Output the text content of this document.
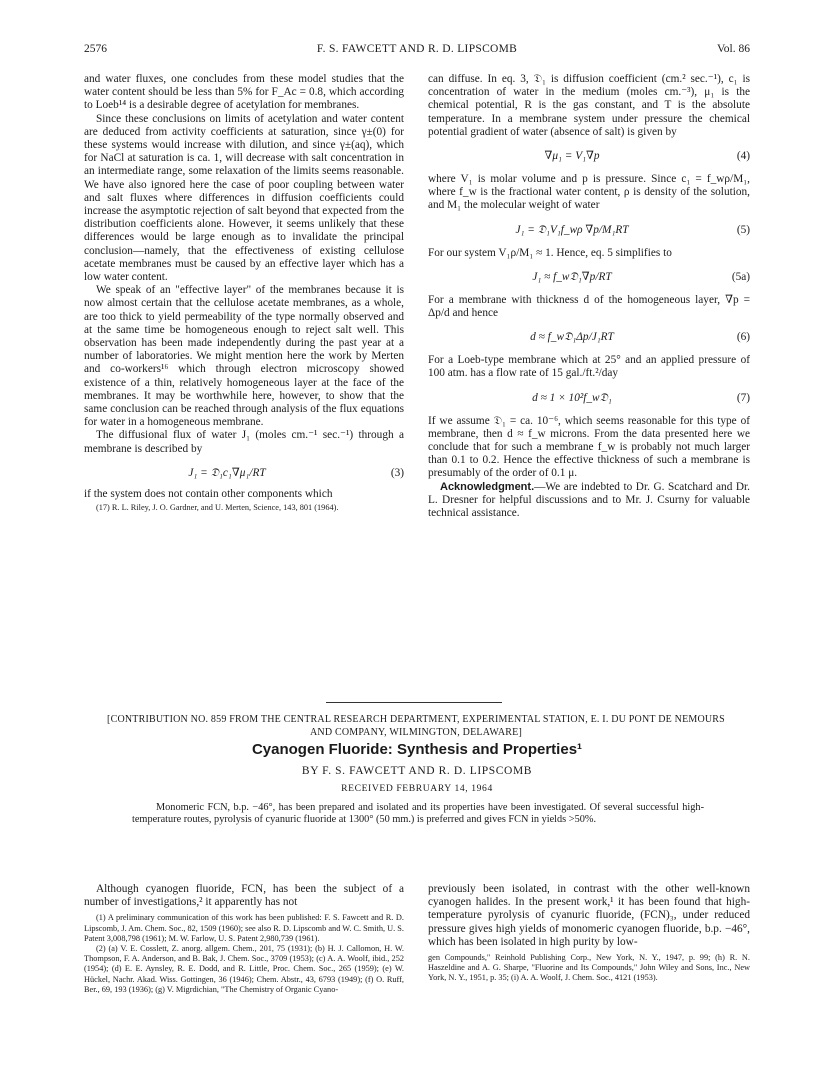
2576	F. S. FAWCETT AND R. D. LIPSCOMB	Vol. 86

and water fluxes, one concludes from these model studies that the water content should be less than 5% for F_Ac = 0.8, which according to Loeb¹⁴ is a desirable degree of acetylation for membranes.

Since these conclusions on limits of acetylation and water content are deduced from activity coefficients at saturation, since γ±(0) for these systems would increase with dilution, and since γ±(aq), which for NaCl at saturation is ca. 1, will decrease with salt concentration in an intermediate range, some relaxation of the limits seems reasonable. We have also ignored here the case of poor coupling between water and salt fluxes where differences in diffusion coefficients could increase the asymptotic rejection of salt beyond that expected from the distribution coefficients alone. However, it seems unlikely that these differences would be large enough as to invalidate the principal conclusion—namely, that the effectiveness of existing cellulose acetate membranes must be caused by an effective layer which has a low water content.

We speak of an "effective layer" of the membranes because it is now almost certain that the cellulose acetate membranes, as a whole, are too thick to yield permeability of the type normally observed and at the same time be homogeneous enough to reject salt well. This observation has been made independently during the past year at a number of laboratories. We might mention here the work by Merten and co-workers¹⁶ which through electron microscopy showed existence of a thin, relatively homogeneous layer at the face of the membranes. It may be worthwhile here, however, to show that the same conclusion can be reached through analysis of the flux equations for water in a homogeneous membrane.

The diffusional flux of water J₁ (moles cm.⁻¹ sec.⁻¹) through a membrane is described by

J₁ = 𝔇₁c₁∇μ₁/RT	(3)

if the system does not contain other components which

(17) R. L. Riley, J. O. Gardner, and U. Merten, Science, 143, 801 (1964).

can diffuse. In eq. 3, 𝔇₁ is diffusion coefficient (cm.² sec.⁻¹), c₁ is concentration of water in the medium (moles cm.⁻³), μ₁ is the chemical potential, R is the gas constant, and T is the absolute temperature. In a membrane system under pressure the chemical potential gradient of water (absence of salt) is given by

∇μ₁ = V₁∇p	(4)

where V₁ is molar volume and p is pressure. Since c₁ = f_wρ/M₁, where f_w is the fractional water content, ρ is density of the solution, and M₁ the molecular weight of water

J₁ = 𝔇₁V₁f_wρ ∇p/M₁RT	(5)

For our system V₁ρ/M₁ ≈ 1. Hence, eq. 5 simplifies to

J₁ ≈ f_w𝔇₁∇p/RT	(5a)

For a membrane with thickness d of the homogeneous layer, ∇p = Δp/d and hence

d ≈ f_w𝔇₁Δp/J₁RT	(6)

For a Loeb-type membrane which at 25° and an applied pressure of 100 atm. has a flow rate of 15 gal./ft.²/day

d ≈ 1 × 10²f_w𝔇₁	(7)

If we assume 𝔇₁ = ca. 10⁻⁶, which seems reasonable for this type of membrane, then d ≈ f_w microns. From the data presented here we conclude that for such a membrane f_w is probably not much larger than 0.1 to 0.2. Hence the effective thickness of such a membrane is presumably of the order of 0.1 μ.

Acknowledgment.—We are indebted to Dr. G. Scatchard and Dr. L. Dresner for helpful discussions and to Mr. J. Csurny for valuable technical assistance.

[CONTRIBUTION NO. 859 FROM THE CENTRAL RESEARCH DEPARTMENT, EXPERIMENTAL STATION, E. I. DU PONT DE NEMOURS AND COMPANY, WILMINGTON, DELAWARE]
Cyanogen Fluoride: Synthesis and Properties¹
BY F. S. FAWCETT AND R. D. LIPSCOMB
RECEIVED FEBRUARY 14, 1964
Monomeric FCN, b.p. −46°, has been prepared and isolated and its properties have been investigated. Of several successful high-temperature routes, pyrolysis of cyanuric fluoride at 1300° (50 mm.) is preferred and gives FCN in yields >50%.

Although cyanogen fluoride, FCN, has been the subject of a number of investigations,² it apparently has not

(1) A preliminary communication of this work has been published: F. S. Fawcett and R. D. Lipscomb, J. Am. Chem. Soc., 82, 1509 (1960); see also R. D. Lipscomb and W. C. Smith, U. S. Patent 3,008,798 (1961); M. W. Farlow, U. S. Patent 2,980,739 (1961).

(2) (a) V. E. Cosslett, Z. anorg. allgem. Chem., 201, 75 (1931); (b) H. J. Callomon, H. W. Thompson, F. A. Anderson, and B. Bak, J. Chem. Soc., 3709 (1953); (c) A. A. Woolf, ibid., 252 (1954); (d) E. E. Aynsley, R. E. Dodd, and R. Little, Proc. Chem. Soc., 265 (1959); (e) W. Hückel, Nachr. Akad. Wiss. Gottingen, 36 (1946); Chem. Abstr., 43, 6793 (1949); (f) O. Ruff, Ber., 69, 193 (1936); (g) V. Migrdichian, "The Chemistry of Organic Cyano-

previously been isolated, in contrast with the other well-known cyanogen halides. In the present work,¹ it has been found that high-temperature pyrolysis of cyanuric fluoride, (FCN)₃, under reduced pressure gives high yields of monomeric cyanogen fluoride, b.p. −46°, which has been isolated in high purity by low-

gen Compounds," Reinhold Publishing Corp., New York, N. Y., 1947, p. 99; (h) R. N. Haszeldine and A. G. Sharpe, "Fluorine and Its Compounds," John Wiley and Sons, Inc., New York, N. Y., 1951, p. 35; (i) A. A. Woolf, J. Chem. Soc., 4121 (1953).
